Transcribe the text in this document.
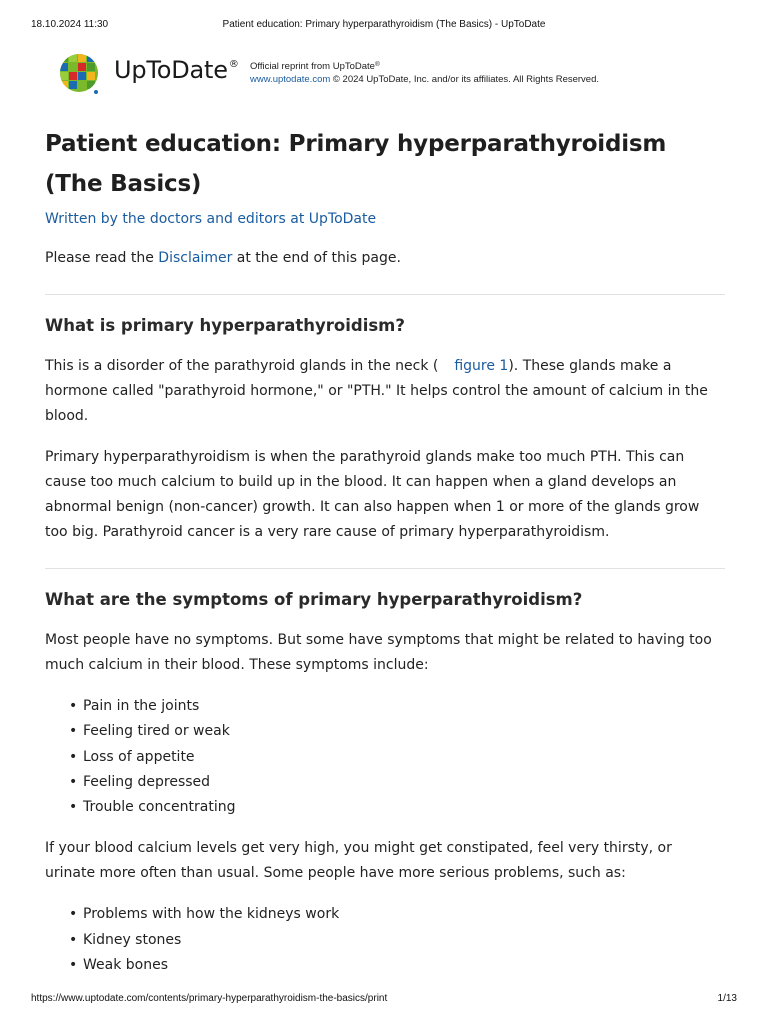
18.10.2024 11:30	Patient education: Primary hyperparathyroidism (The Basics) - UpToDate
UpToDate® Official reprint from UpToDate®
www.uptodate.com © 2024 UpToDate, Inc. and/or its affiliates. All Rights Reserved.
Patient education: Primary hyperparathyroidism (The Basics)
Written by the doctors and editors at UpToDate

Please read the Disclaimer at the end of this page.

What is primary hyperparathyroidism?

This is a disorder of the parathyroid glands in the neck ( figure 1). These glands make a hormone called "parathyroid hormone," or "PTH." It helps control the amount of calcium in the blood.

Primary hyperparathyroidism is when the parathyroid glands make too much PTH. This can cause too much calcium to build up in the blood. It can happen when a gland develops an abnormal benign (non-cancer) growth. It can also happen when 1 or more of the glands grow too big. Parathyroid cancer is a very rare cause of primary hyperparathyroidism.

What are the symptoms of primary hyperparathyroidism?

Most people have no symptoms. But some have symptoms that might be related to having too much calcium in their blood. These symptoms include:

• Pain in the joints
• Feeling tired or weak
• Loss of appetite
• Feeling depressed
• Trouble concentrating

If your blood calcium levels get very high, you might get constipated, feel very thirsty, or urinate more often than usual. Some people have more serious problems, such as:

• Problems with how the kidneys work
• Kidney stones
• Weak bones
https://www.uptodate.com/contents/primary-hyperparathyroidism-the-basics/print	1/13
